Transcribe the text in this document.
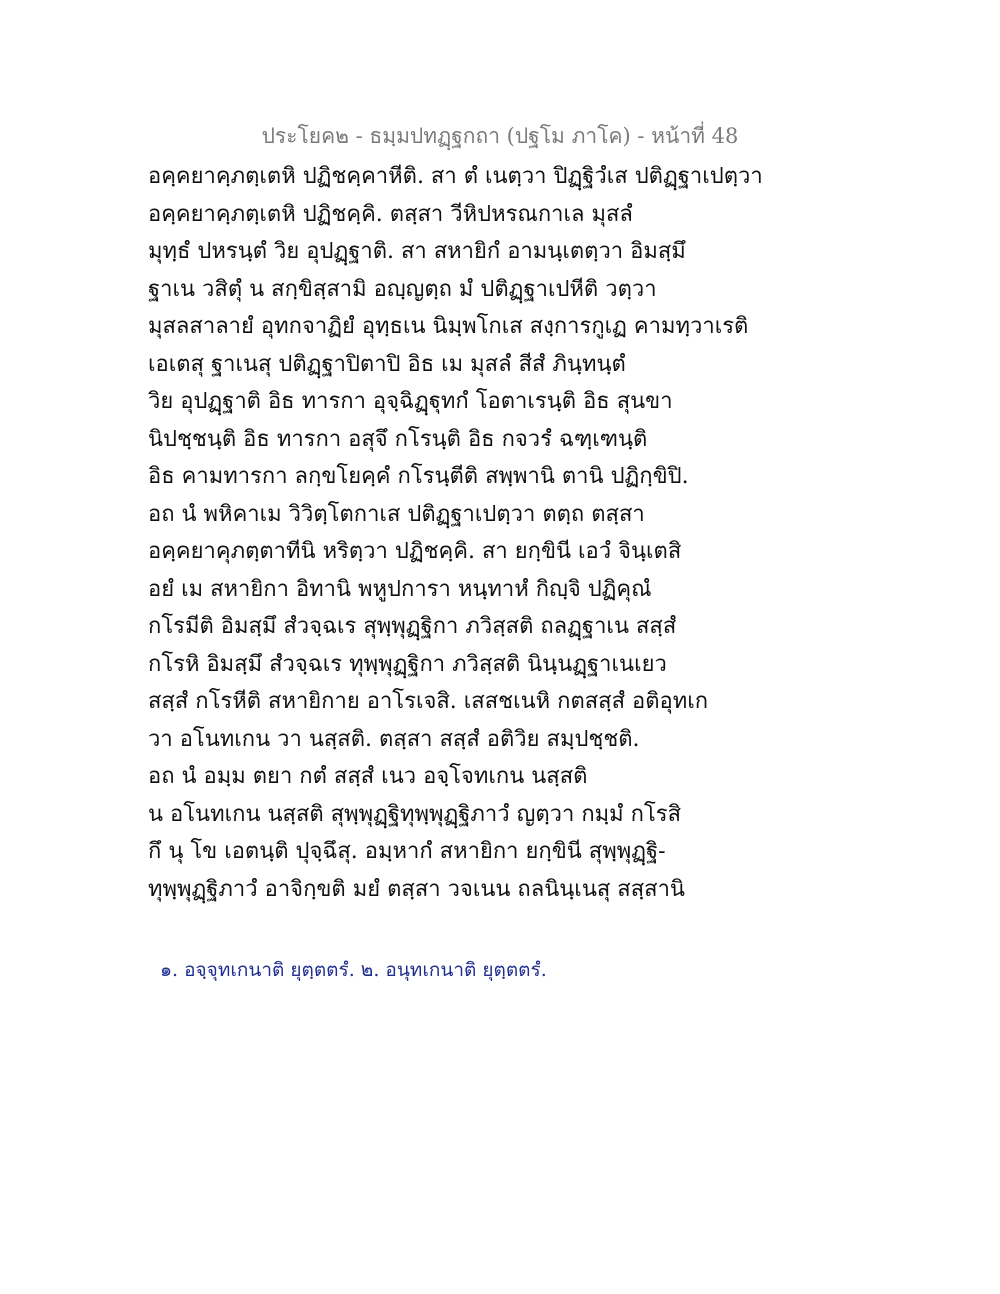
ประโยค๒ - ธมฺมปทฏฺฐกถา (ปฐโม ภาโค) - หน้าที่ 48
อคฺคยาคฺภตฺเตหิ ปฏิชคฺคาหีติ. สา ตํ เนตฺวา ปิฏฺฐิวํเส ปติฏฺฐาเปตฺวา
อคฺคยาคฺภตฺเตหิ ปฏิชคฺคิ. ตสฺสา วีหิปหรณกาเล มุสลํ
มุทฺธํ ปหรนฺตํ วิย อุปฏฺฐาติ. สา สหายิกํ อามนฺเตตฺวา อิมสฺมึ
ฐาเน วสิตุํ น สกฺขิสฺสามิ อญฺญตฺถ มํ ปติฏฺฐาเปหีติ วตฺวา
มุสลสาลายํ อุทกจาฏิยํ อุทฺธเน นิมฺพโกเส สงฺการกูเฏ คามทฺวาเรติ
เอเตสุ ฐาเนสุ ปติฏฺฐาปิตาปิ อิธ เม มุสลํ สีสํ ภินฺทนฺตํ
วิย อุปฏฺฐาติ อิธ ทารกา อุจฺฉิฏฺฐุทกํ โอตาเรนฺติ อิธ สุนขา
นิปชฺชนฺติ อิธ ทารกา อสุจึ กโรนฺติ อิธ กจวรํ ฉฑฺเฑนฺติ
อิธ คามทารกา ลกฺขโยคฺคํ กโรนฺตีติ สพฺพานิ ตานิ ปฏิกฺขิปิ.
อถ นํ พหิคาเม วิวิตฺโตกาเส ปติฏฺฐาเปตฺวา ตตฺถ ตสฺสา
อคฺคยาคุภตฺตาทีนิ หริตฺวา ปฏิชคฺคิ. สา ยกฺขินี เอวํ จินฺเตสิ
อยํ เม สหายิกา อิทานิ พหูปการา หนฺทาหํ กิญฺจิ ปฏิคุณํ
กโรมีติ อิมสฺมึ สํวจฺฉเร สุพฺพุฏฺฐิกา ภวิสฺสติ ถลฏฺฐาเน สสฺสํ
กโรหิ อิมสฺมึ สํวจฺฉเร ทุพฺพุฏฺฐิกา ภวิสฺสติ นินฺนฏฺฐาเนเยว
สสฺสํ กโรหีติ สหายิกาย อาโรเจสิ. เสสชเนหิ กตสสฺสํ อติอุทเก
วา อโนทเกน วา นสฺสติ. ตสฺสา สสฺสํ อติวิย สมฺปชฺชติ.
อถ นํ อมฺม ตยา กตํ สสฺสํ เนว อจฺโจทเกน นสฺสติ
น อโนทเกน นสฺสติ สุพฺพุฏฺฐิทุพฺพุฏฺฐิภาวํ ญตฺวา กมฺมํ กโรสิ
กึ นุ โข เอตนฺติ ปุจฺฉึสุ. อมฺหากํ สหายิกา ยกฺขินี สุพฺพุฏฺฐิ-
ทุพฺพุฏฺฐิภาวํ อาจิกฺขติ มยํ ตสฺสา วจเนน ถลนินฺเนสุ สสฺสานิ
๑. อจฺจุทเกนาติ ยุตฺตตรํ. ๒. อนุทเกนาติ ยุตฺตตรํ.
